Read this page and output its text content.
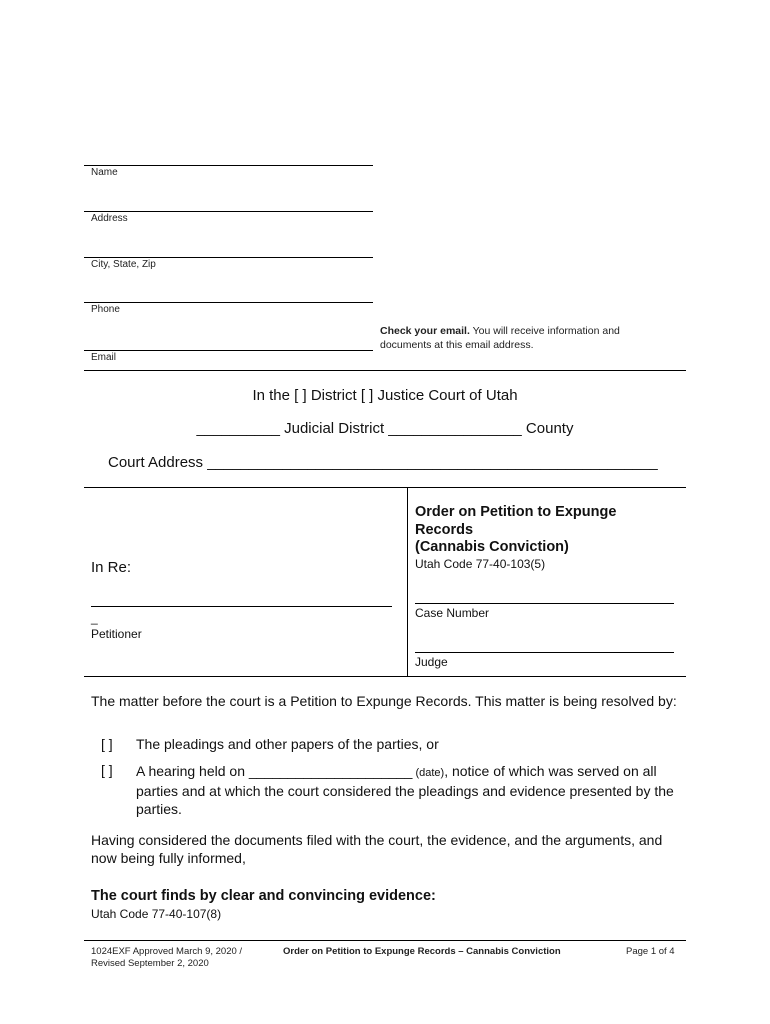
Name
Address
City, State, Zip
Phone
Check your email. You will receive information and documents at this email address.
Email
In the [ ] District [ ] Justice Court of Utah
__________ Judicial District ________________ County
Court Address ______________________________________________________
In Re:
_
Petitioner
Order on Petition to Expunge
Records
(Cannabis Conviction)
Utah Code 77-40-103(5)
Case Number
Judge
The matter before the court is a Petition to Expunge Records. This matter is being resolved by:
[ ] The pleadings and other papers of the parties, or
[ ] A hearing held on _____________________ (date), notice of which was served on all parties and at which the court considered the pleadings and evidence presented by the parties.
Having considered the documents filed with the court, the evidence, and the arguments, and now being fully informed,
The court finds by clear and convincing evidence:
Utah Code 77-40-107(8)
1024EXF Approved March 9, 2020 / Revised September 2, 2020
Order on Petition to Expunge Records – Cannabis Conviction	Page 1 of 4
